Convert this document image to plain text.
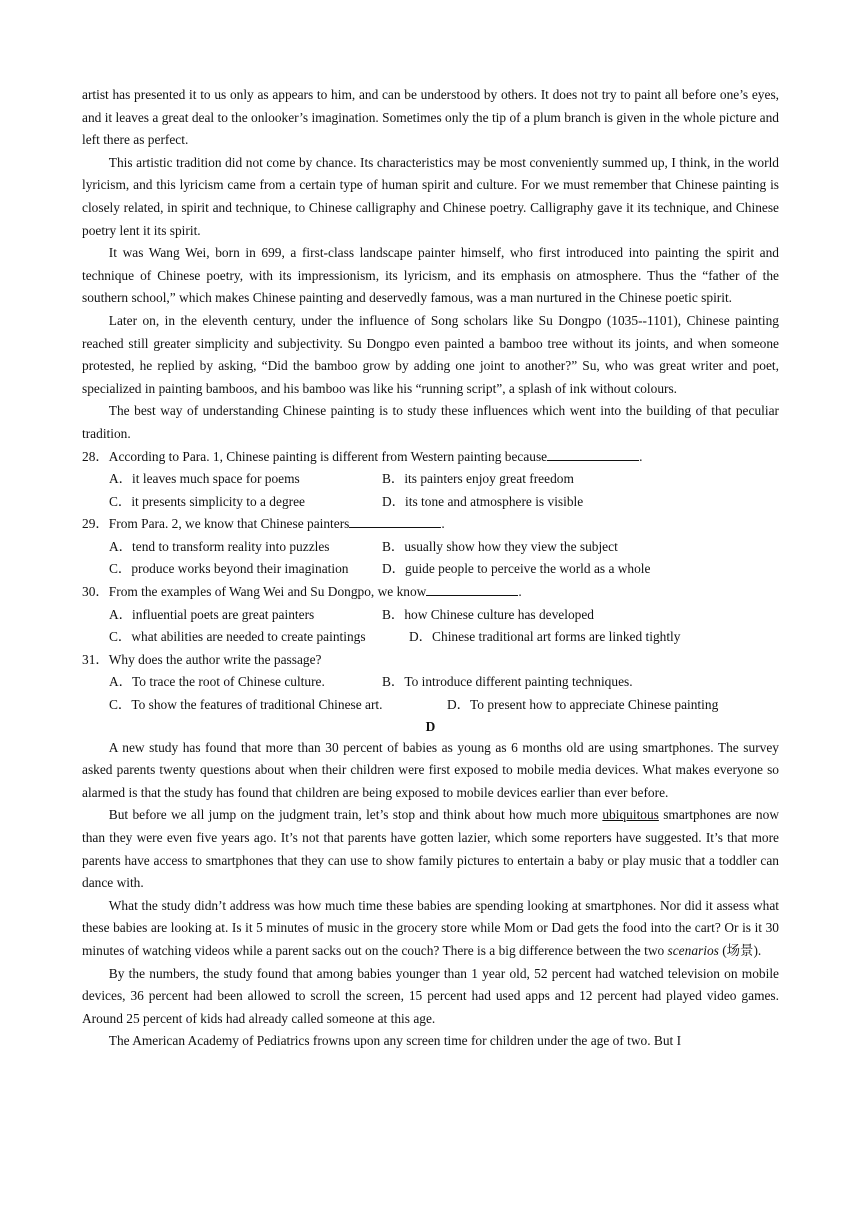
artist has presented it to us only as appears to him, and can be understood by others. It does not try to paint all before one’s eyes, and it leaves a great deal to the onlooker’s imagination. Sometimes only the tip of a plum branch is given in the whole picture and left there as perfect.

This artistic tradition did not come by chance. Its characteristics may be most conveniently summed up, I think, in the world lyricism, and this lyricism came from a certain type of human spirit and culture. For we must remember that Chinese painting is closely related, in spirit and technique, to Chinese calligraphy and Chinese poetry. Calligraphy gave it its technique, and Chinese poetry lent it its spirit.

It was Wang Wei, born in 699, a first-class landscape painter himself, who first introduced into painting the spirit and technique of Chinese poetry, with its impressionism, its lyricism, and its emphasis on atmosphere. Thus the “father of the southern school,” which makes Chinese painting and deservedly famous, was a man nurtured in the Chinese poetic spirit.

Later on, in the eleventh century, under the influence of Song scholars like Su Dongpo (1035--1101), Chinese painting reached still greater simplicity and subjectivity. Su Dongpo even painted a bamboo tree without its joints, and when someone protested, he replied by asking, “Did the bamboo grow by adding one joint to another?” Su, who was great writer and poet, specialized in painting bamboos, and his bamboo was like his “running script”, a splash of ink without colours.

The best way of understanding Chinese painting is to study these influences which went into the building of that peculiar tradition.

28．According to Para. 1, Chinese painting is different from Western painting because	.

A．it leaves much space for poems	B．its painters enjoy great freedom
C．it presents simplicity to a degree	D．its tone and atmosphere is visible

29．From Para. 2, we know that Chinese painters	.

A．tend to transform reality into puzzles	B．usually show how they view the subject
C．produce works beyond their imagination	D．guide people to perceive the world as a whole

30．From the examples of Wang Wei and Su Dongpo, we know	.

A．influential poets are great painters	B．how Chinese culture has developed
C．what abilities are needed to create paintings	D．Chinese traditional art forms are linked tightly

31．Why does the author write the passage?

A．To trace the root of Chinese culture.	B．To introduce different painting techniques.
C．To show the features of traditional Chinese art.	D．To present how to appreciate Chinese painting

D

A new study has found that more than 30 percent of babies as young as 6 months old are using smartphones. The survey asked parents twenty questions about when their children were first exposed to mobile media devices. What makes everyone so alarmed is that the study has found that children are being exposed to mobile devices earlier than ever before.

But before we all jump on the judgment train, let’s stop and think about how much more ubiquitous smartphones are now than they were even five years ago. It’s not that parents have gotten lazier, which some reporters have suggested. It’s that more parents have access to smartphones that they can use to show family pictures to entertain a baby or play music that a toddler can dance with.

What the study didn’t address was how much time these babies are spending looking at smartphones. Nor did it assess what these babies are looking at. Is it 5 minutes of music in the grocery store while Mom or Dad gets the food into the cart? Or is it 30 minutes of watching videos while a parent sacks out on the couch? There is a big difference between the two scenarios (场景).

By the numbers, the study found that among babies younger than 1 year old, 52 percent had watched television on mobile devices, 36 percent had been allowed to scroll the screen, 15 percent had used apps and 12 percent had played video games. Around 25 percent of kids had already called someone at this age.

The American Academy of Pediatrics frowns upon any screen time for children under the age of two. But I
